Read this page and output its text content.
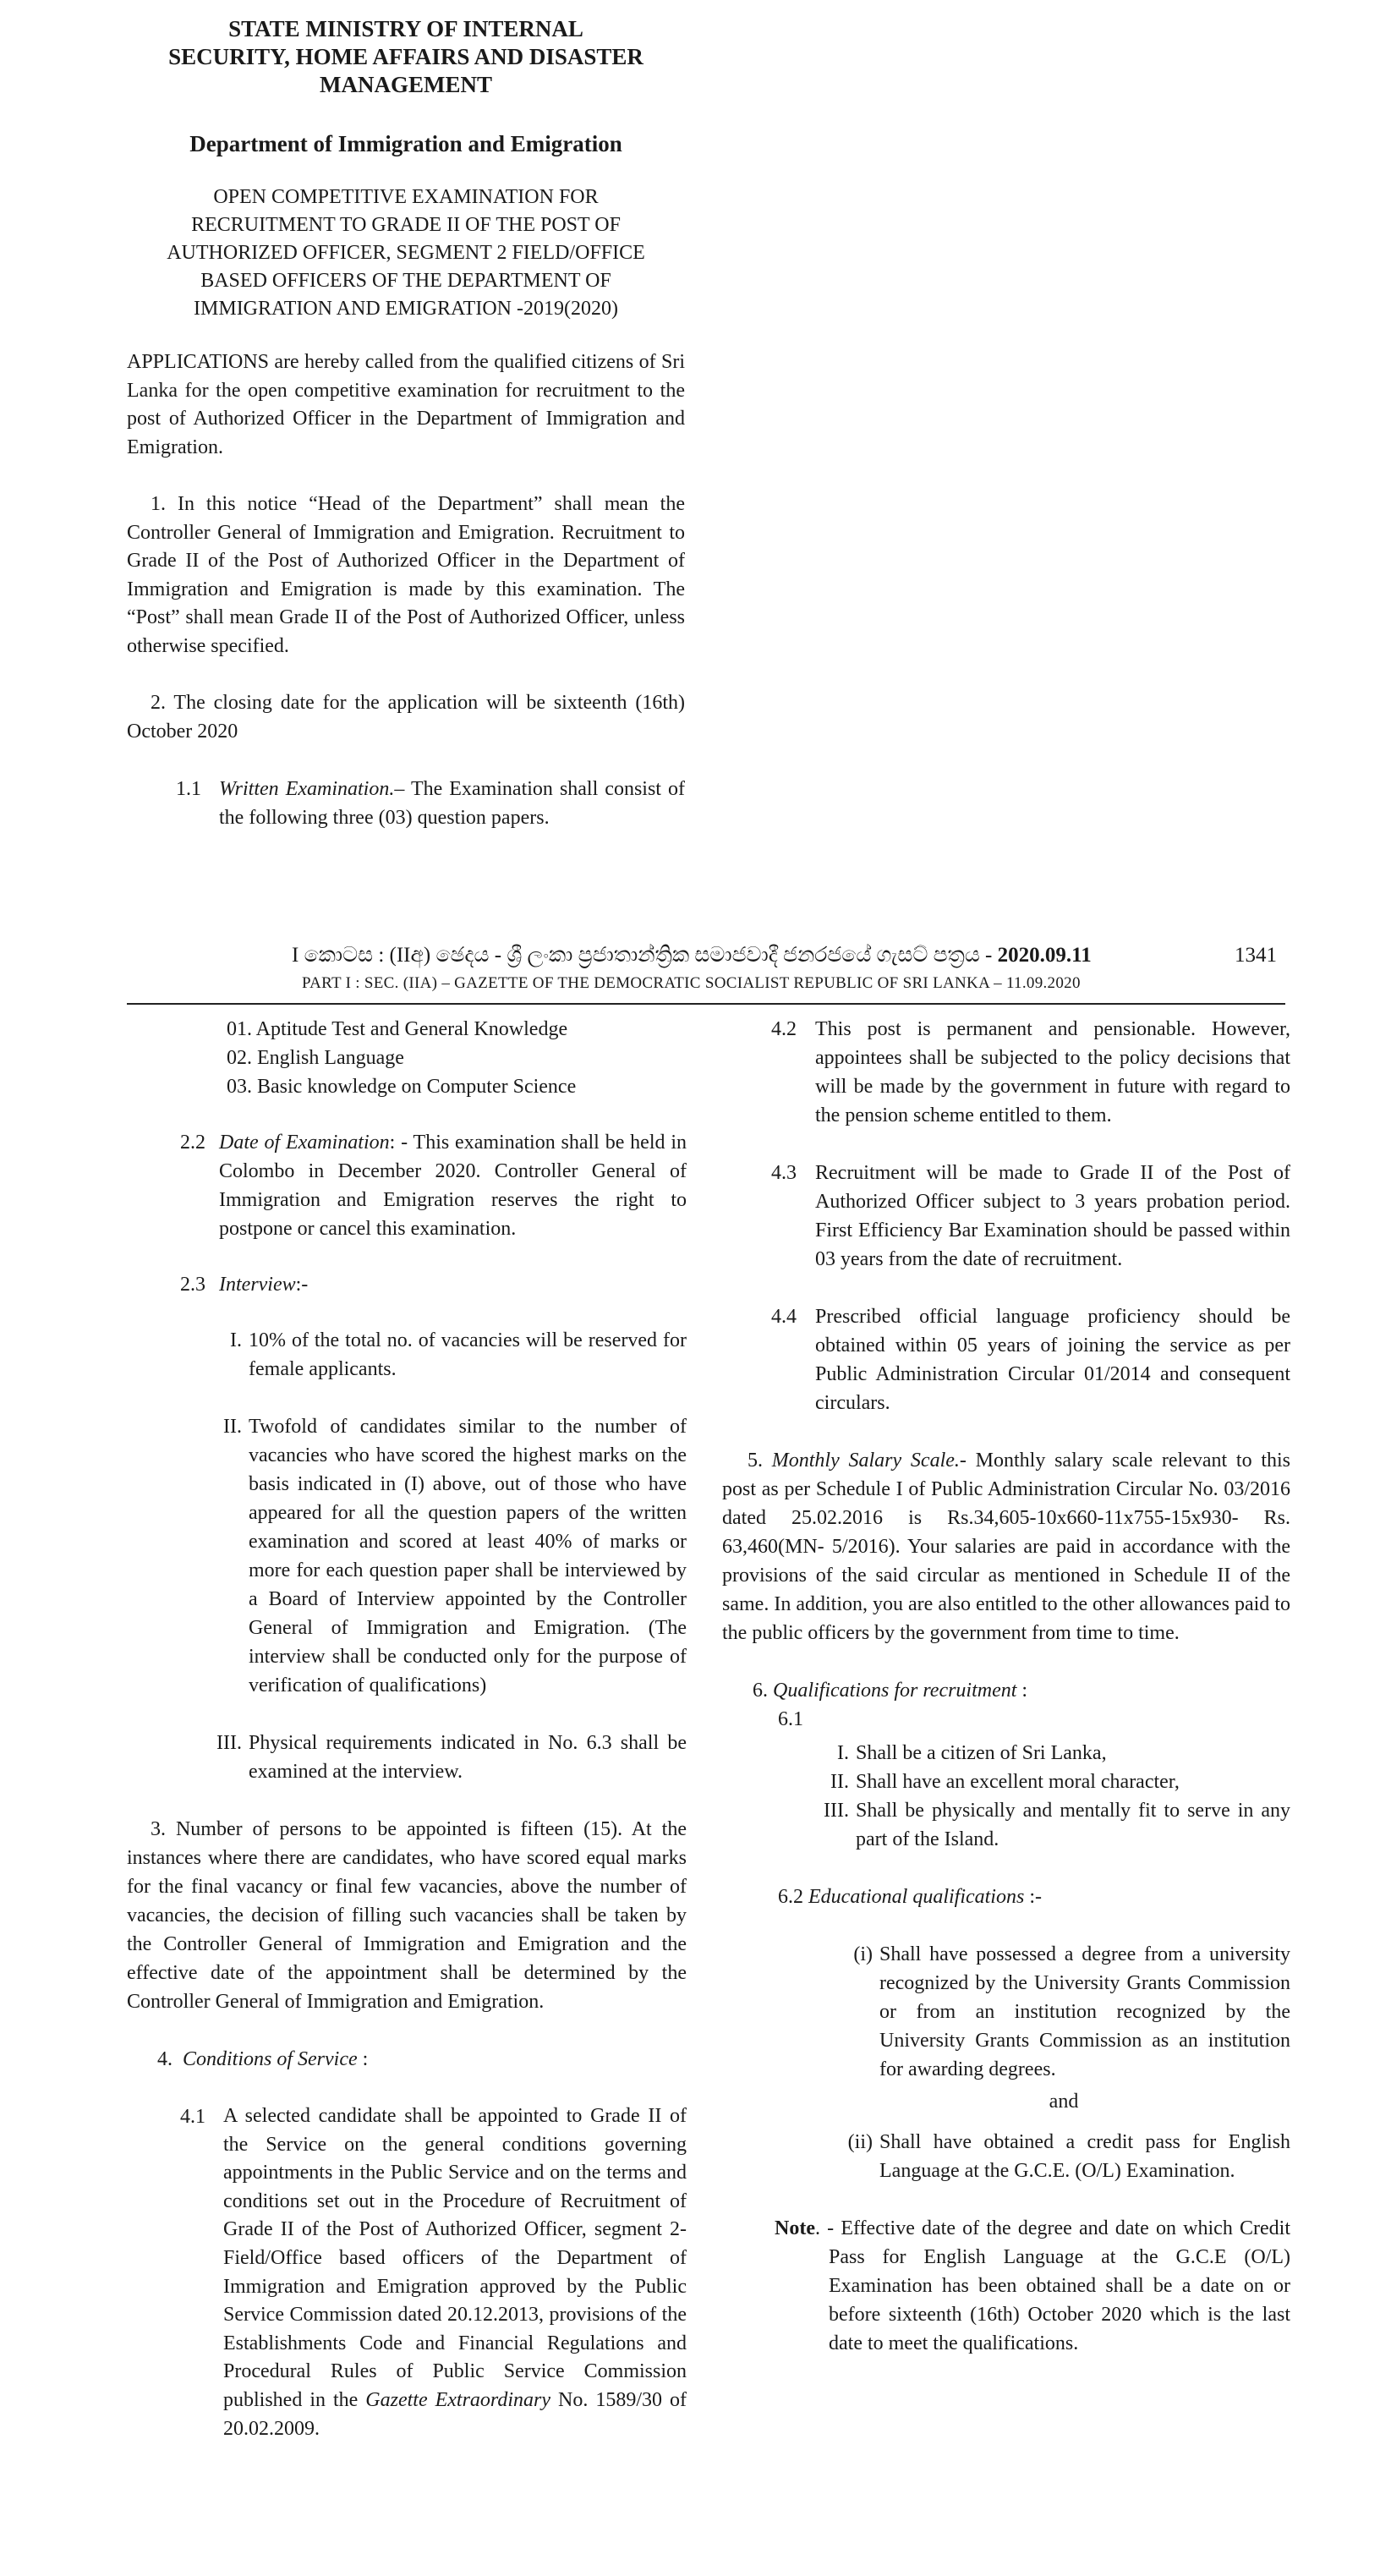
STATE MINISTRY OF INTERNAL
SECURITY, HOME AFFAIRS AND DISASTER
MANAGEMENT
Department of Immigration and Emigration
OPEN COMPETITIVE EXAMINATION FOR
RECRUITMENT TO GRADE II OF THE POST OF
AUTHORIZED OFFICER, SEGMENT 2 FIELD/OFFICE
BASED OFFICERS OF THE DEPARTMENT OF
IMMIGRATION AND EMIGRATION -2019(2020)

APPLICATIONS are hereby called from the qualified citizens of Sri Lanka for the open competitive examination for recruitment to the post of Authorized Officer in the Department of Immigration and Emigration.

1. In this notice “Head of the Department” shall mean the Controller General of Immigration and Emigration. Recruitment to Grade II of the Post of Authorized Officer in the Department of Immigration and Emigration is made by this examination. The “Post” shall mean Grade II of the Post of Authorized Officer, unless otherwise specified.

2. The closing date for the application will be sixteenth (16th) October 2020

1.1 Written Examination.– The Examination shall consist of the following three (03) question papers.
I කොටස : (IIඅ) ඡෙදය - ශ්‍රී ලංකා ප්‍රජාතාන්ත්‍රික සමාජවාදී ජනරජයේ ගැසට් පත්‍රය - 2020.09.11	1341
PART I : SEC. (IIA) – GAZETTE OF THE DEMOCRATIC SOCIALIST REPUBLIC OF SRI LANKA – 11.09.2020
01. Aptitude Test and General Knowledge
02. English Language
03. Basic knowledge on Computer Science
2.2 Date of Examination: - This examination shall be held in Colombo in December 2020. Controller General of Immigration and Emigration reserves the right to postpone or cancel this examination.
2.3 Interview:-
I. 10% of the total no. of vacancies will be reserved for female applicants.
II. Twofold of candidates similar to the number of vacancies who have scored the highest marks on the basis indicated in (I) above, out of those who have appeared for all the question papers of the written examination and scored at least 40% of marks or more for each question paper shall be interviewed by a Board of Interview appointed by the Controller General of Immigration and Emigration. (The interview shall be conducted only for the purpose of verification of qualifications)
III. Physical requirements indicated in No. 6.3 shall be examined at the interview.

3. Number of persons to be appointed is fifteen (15). At the instances where there are candidates, who have scored equal marks for the final vacancy or final few vacancies, above the number of vacancies, the decision of filling such vacancies shall be taken by the Controller General of Immigration and Emigration and the effective date of the appointment shall be determined by the Controller General of Immigration and Emigration.

4. Conditions of Service :
4.1 A selected candidate shall be appointed to Grade II of the Service on the general conditions governing appointments in the Public Service and on the terms and conditions set out in the Procedure of Recruitment of Grade II of the Post of Authorized Officer, segment 2-Field/Office based officers of the Department of Immigration and Emigration approved by the Public Service Commission dated 20.12.2013, provisions of the Establishments Code and Financial Regulations and Procedural Rules of Public Service Commission published in the Gazette Extraordinary No. 1589/30 of 20.02.2009.
4.2 This post is permanent and pensionable. However, appointees shall be subjected to the policy decisions that will be made by the government in future with regard to the pension scheme entitled to them.
4.3 Recruitment will be made to Grade II of the Post of Authorized Officer subject to 3 years probation period. First Efficiency Bar Examination should be passed within 03 years from the date of recruitment.
4.4 Prescribed official language proficiency should be obtained within 05 years of joining the service as per Public Administration Circular 01/2014 and consequent circulars.

5. Monthly Salary Scale.- Monthly salary scale relevant to this post as per Schedule I of Public Administration Circular No. 03/2016 dated 25.02.2016 is Rs.34,605-10x660-11x755-15x930- Rs. 63,460(MN- 5/2016). Your salaries are paid in accordance with the provisions of the said circular as mentioned in Schedule II of the same. In addition, you are also entitled to the other allowances paid to the public officers by the government from time to time.

6. Qualifications for recruitment :
6.1
I. Shall be a citizen of Sri Lanka,
II. Shall have an excellent moral character,
III. Shall be physically and mentally fit to serve in any part of the Island.
6.2 Educational qualifications :-
(i) Shall have possessed a degree from a university recognized by the University Grants Commission or from an institution recognized by the University Grants Commission as an institution for awarding degrees.
and
(ii) Shall have obtained a credit pass for English Language at the G.C.E. (O/L) Examination.
Note. - Effective date of the degree and date on which Credit Pass for English Language at the G.C.E (O/L) Examination has been obtained shall be a date on or before sixteenth (16th) October 2020 which is the last date to meet the qualifications.
